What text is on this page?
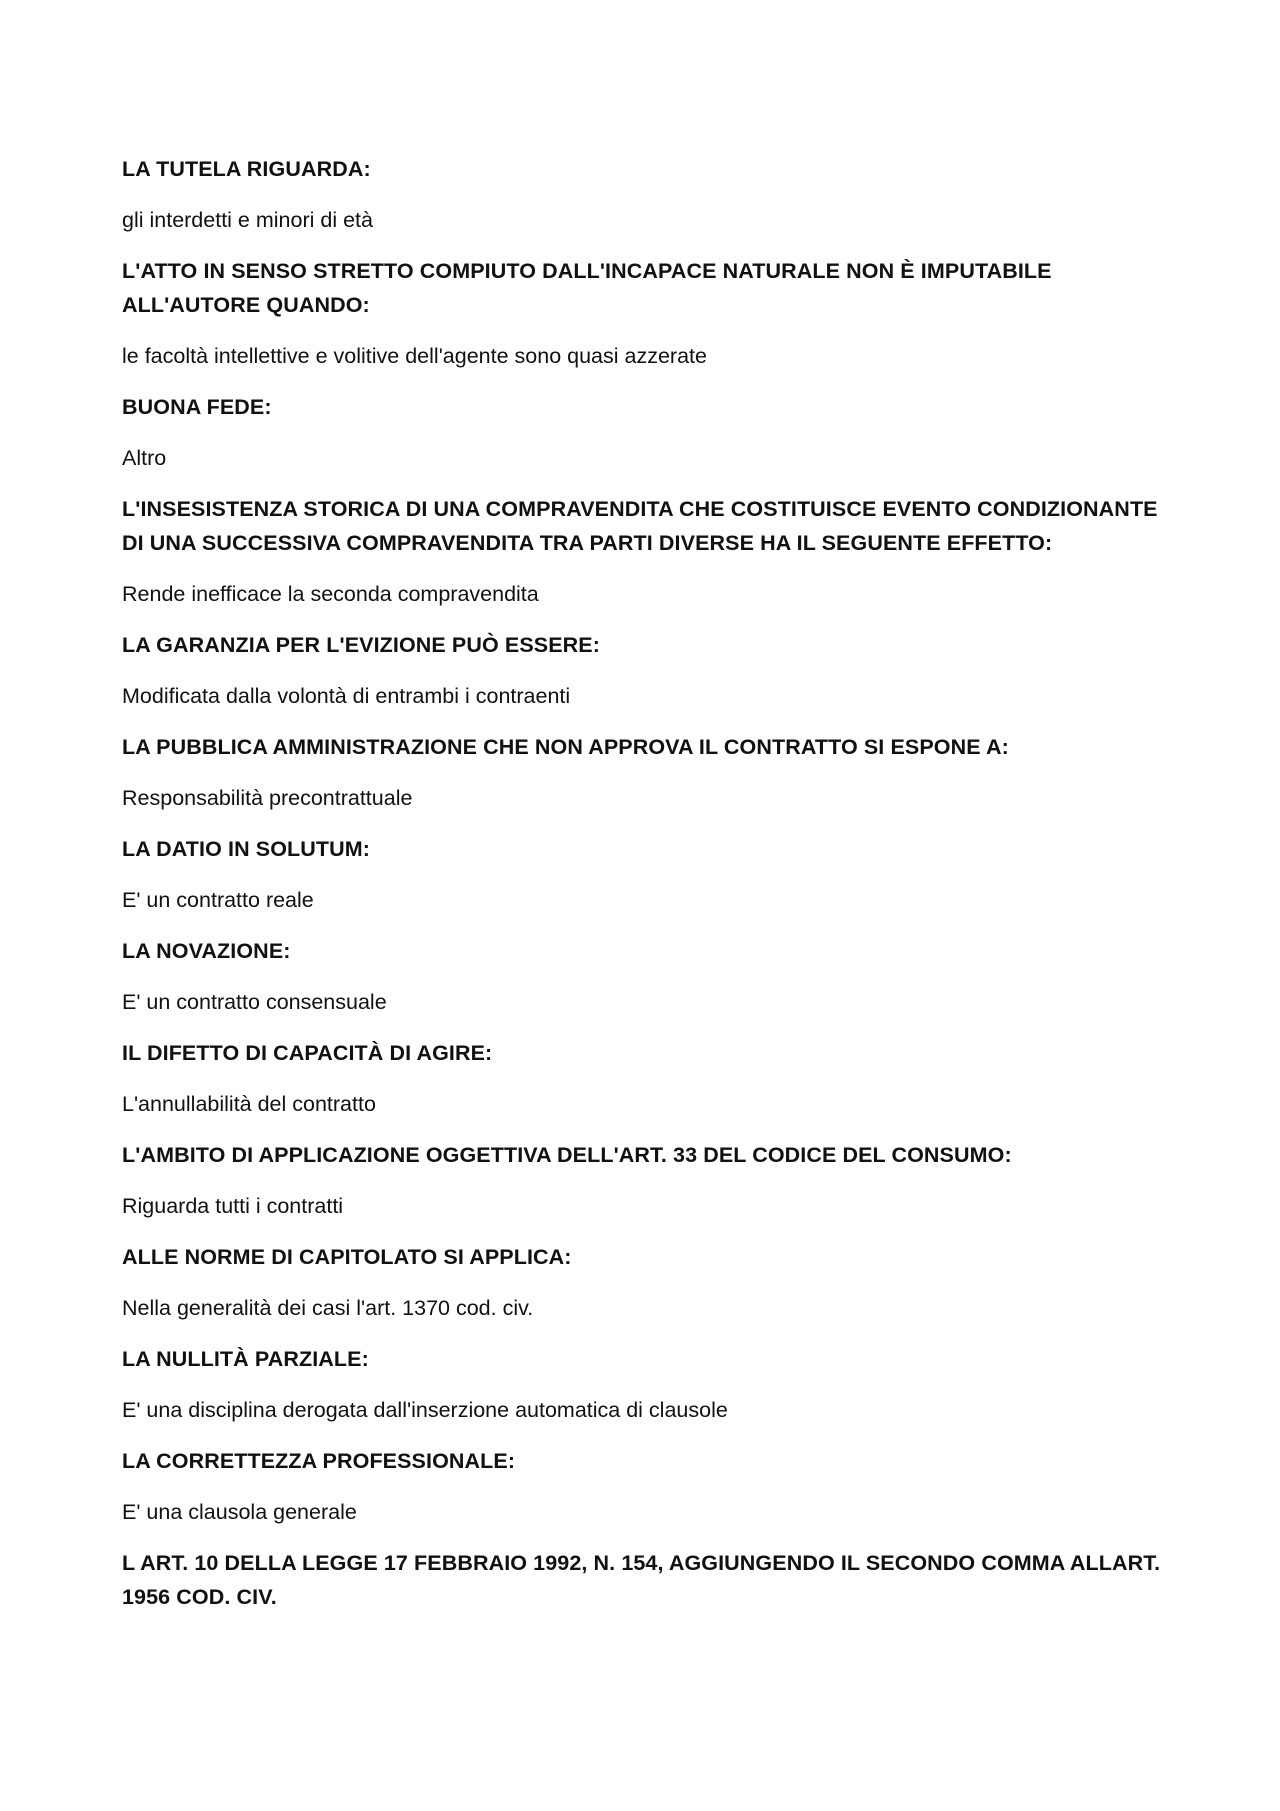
LA TUTELA RIGUARDA:

gli interdetti e minori di età

L'ATTO IN SENSO STRETTO COMPIUTO DALL'INCAPACE NATURALE NON È IMPUTABILE ALL'AUTORE QUANDO:

le facoltà intellettive e volitive dell'agente sono quasi azzerate

BUONA FEDE:

Altro

L'INSESISTENZA STORICA DI UNA COMPRAVENDITA CHE COSTITUISCE EVENTO CONDIZIONANTE DI UNA SUCCESSIVA COMPRAVENDITA TRA PARTI DIVERSE HA IL SEGUENTE EFFETTO:

Rende inefficace la seconda compravendita

LA GARANZIA PER L'EVIZIONE PUÒ ESSERE:

Modificata dalla volontà di entrambi i contraenti

LA PUBBLICA AMMINISTRAZIONE CHE NON APPROVA IL CONTRATTO SI ESPONE A:

Responsabilità precontrattuale

LA DATIO IN SOLUTUM:

E' un contratto reale

LA NOVAZIONE:

E' un contratto consensuale

IL DIFETTO DI CAPACITÀ DI AGIRE:

L'annullabilità del contratto

L'AMBITO DI APPLICAZIONE OGGETTIVA DELL'ART. 33 DEL CODICE DEL CONSUMO:

Riguarda tutti i contratti

ALLE NORME DI CAPITOLATO SI APPLICA:

Nella generalità dei casi l'art. 1370 cod. civ.

LA NULLITÀ PARZIALE:

E' una disciplina derogata dall'inserzione automatica di clausole

LA CORRETTEZZA PROFESSIONALE:

E' una clausola generale

L ART. 10 DELLA LEGGE 17 FEBBRAIO 1992, N. 154, AGGIUNGENDO IL SECONDO COMMA ALLART. 1956 COD. CIV.
